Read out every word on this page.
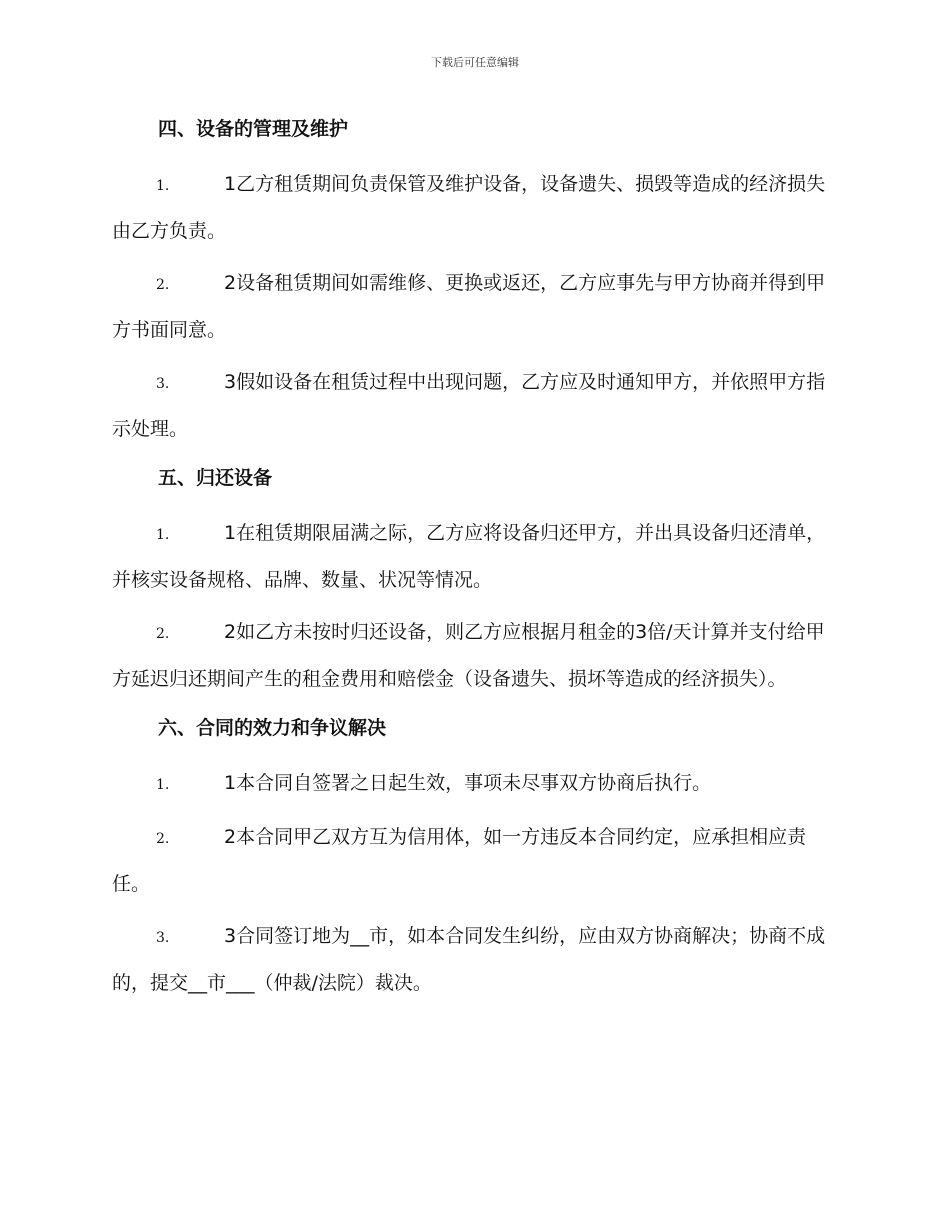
下载后可任意编辑
四、设备的管理及维护

1.	1乙方租赁期间负责保管及维护设备，设备遗失、损毁等造成的经济损失由乙方负责。

2.	2设备租赁期间如需维修、更换或返还，乙方应事先与甲方协商并得到甲方书面同意。

3.	3假如设备在租赁过程中出现问题，乙方应及时通知甲方，并依照甲方指示处理。

五、归还设备

1.	1在租赁期限届满之际，乙方应将设备归还甲方，并出具设备归还清单，并核实设备规格、品牌、数量、状况等情况。

2.	2如乙方未按时归还设备，则乙方应根据月租金的3倍/天计算并支付给甲方延迟归还期间产生的租金费用和赔偿金（设备遗失、损坏等造成的经济损失）。

六、合同的效力和争议解决

1.	1本合同自签署之日起生效，事项未尽事双方协商后执行。

2.	2本合同甲乙双方互为信用体，如一方违反本合同约定，应承担相应责任。

3.	3合同签订地为__市，如本合同发生纠纷，应由双方协商解决；协商不成的，提交__市___（仲裁/法院）裁决。
